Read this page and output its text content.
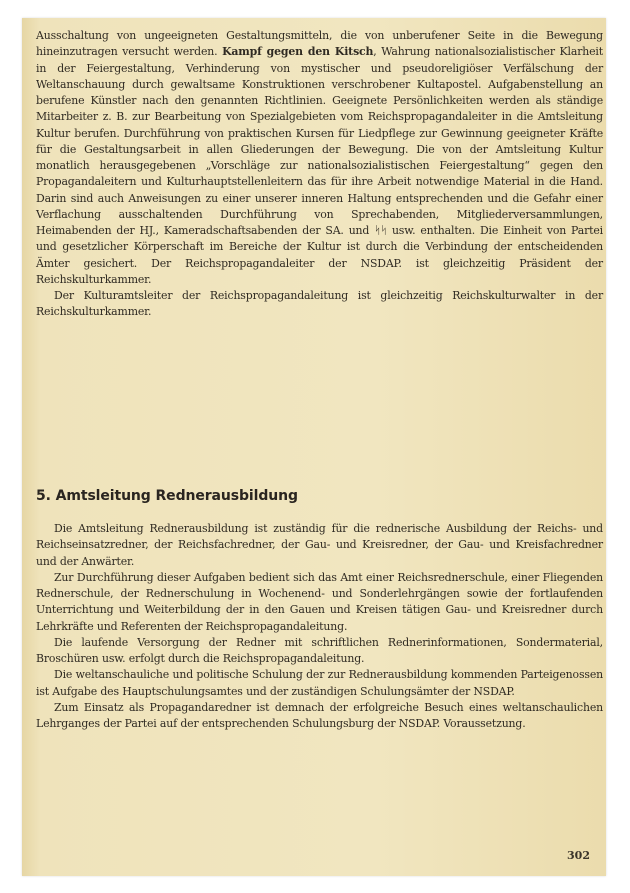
Ausschaltung von ungeeigneten Gestaltungsmitteln, die von unberufener Seite in die Bewegung hineinzutragen versucht werden. Kampf gegen den Kitsch, Wahrung nationalsozialistischer Klarheit in der Feiergestaltung, Verhinderung von mystischer und pseudoreligiöser Verfälschung der Weltanschauung durch gewaltsame Konstruktionen verschrobener Kultapostel. Aufgabenstellung an berufene Künstler nach den genannten Richtlinien. Geeignete Persönlichkeiten werden als ständige Mitarbeiter z. B. zur Bearbeitung von Spezialgebieten vom Reichspropagandaleiter in die Amtsleitung Kultur berufen. Durchführung von praktischen Kursen für Liedpflege zur Gewinnung geeigneter Kräfte für die Gestaltungsarbeit in allen Gliederungen der Bewegung. Die von der Amtsleitung Kultur monatlich herausgegebenen „Vorschläge zur nationalsozialistischen Feiergestaltung“ gegen den Propagandaleitern und Kulturhauptstellenleitern das für ihre Arbeit notwendige Material in die Hand. Darin sind auch Anweisungen zu einer unserer inneren Haltung entsprechenden und die Gefahr einer Verflachung ausschaltenden Durchführung von Sprechabenden, Mitgliederversammlungen, Heimabenden der HJ., Kameradschaftsabenden der SA. und ᛋᛋ usw. enthalten. Die Einheit von Partei und gesetzlicher Körperschaft im Bereiche der Kultur ist durch die Verbindung der entscheidenden Ämter gesichert. Der Reichspropagandaleiter der NSDAP. ist gleichzeitig Präsident der Reichskulturkammer.

Der Kulturamtsleiter der Reichspropagandaleitung ist gleichzeitig Reichskulturwalter in der Reichskulturkammer.

5. Amtsleitung Rednerausbildung

Die Amtsleitung Rednerausbildung ist zuständig für die rednerische Ausbildung der Reichs- und Reichseinsatzredner, der Reichsfachredner, der Gau- und Kreisredner, der Gau- und Kreisfachredner und der Anwärter.

Zur Durchführung dieser Aufgaben bedient sich das Amt einer Reichsrednerschule, einer Fliegenden Rednerschule, der Rednerschulung in Wochenend- und Sonderlehrgängen sowie der fortlaufenden Unterrichtung und Weiterbildung der in den Gauen und Kreisen tätigen Gau- und Kreisredner durch Lehrkräfte und Referenten der Reichspropagandaleitung.

Die laufende Versorgung der Redner mit schriftlichen Rednerinformationen, Sondermaterial, Broschüren usw. erfolgt durch die Reichspropagandaleitung.

Die weltanschauliche und politische Schulung der zur Rednerausbildung kommenden Parteigenossen ist Aufgabe des Hauptschulungsamtes und der zuständigen Schulungsämter der NSDAP.

Zum Einsatz als Propagandaredner ist demnach der erfolgreiche Besuch eines weltanschaulichen Lehrganges der Partei auf der entsprechenden Schulungsburg der NSDAP. Voraussetzung.

302
